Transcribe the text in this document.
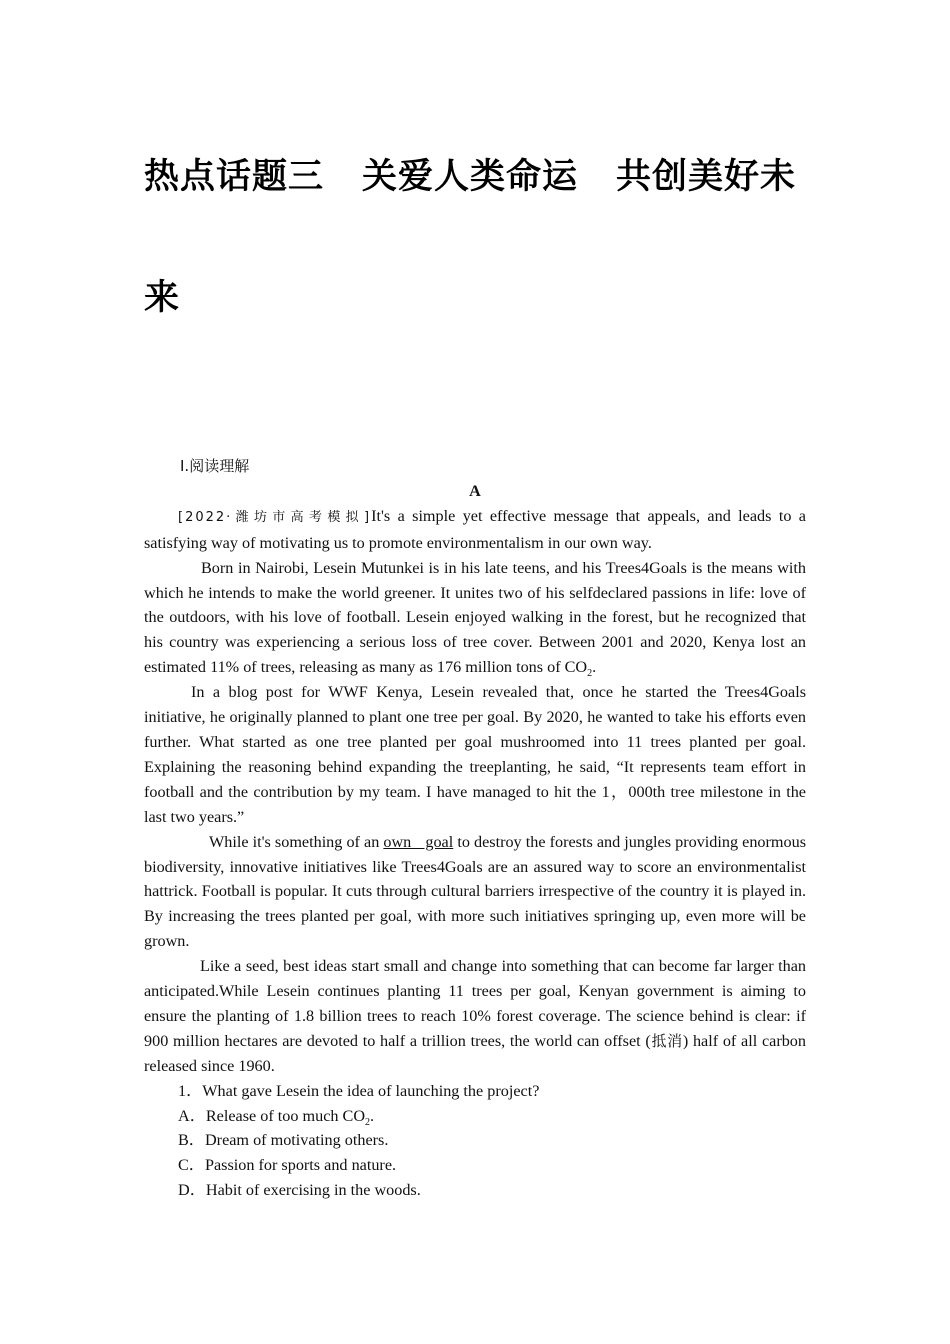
热点话题三 关爱人类命运 共创美好未
来
Ⅰ.阅读理解
A

[2022·潍坊市高考模拟]It's a simple yet effective message that appeals, and leads to a satisfying way of motivating us to promote environmentalism in our own way.

Born in Nairobi, Lesein Mutunkei is in his late teens, and his Trees4Goals is the means with which he intends to make the world greener. It unites two of his selfdeclared passions in life: love of the outdoors, with his love of football. Lesein enjoyed walking in the forest, but he recognized that his country was experiencing a serious loss of tree cover. Between 2001 and 2020, Kenya lost an estimated 11% of trees, releasing as many as 176 million tons of $CO_2$.

In a blog post for WWF Kenya, Lesein revealed that, once he started the Trees4Goals initiative, he originally planned to plant one tree per goal. By 2020, he wanted to take his efforts even further. What started as one tree planted per goal mushroomed into 11 trees planted per goal. Explaining the reasoning behind expanding the treeplanting, he said, “It represents team effort in football and the contribution by my team. I have managed to hit the 1，000th tree milestone in the last two years.”

While it's something of an own goal to destroy the forests and jungles providing enormous biodiversity, innovative initiatives like Trees4Goals are an assured way to score an environmentalist hattrick. Football is popular. It cuts through cultural barriers irrespective of the country it is played in. By increasing the trees planted per goal, with more such initiatives springing up, even more will be grown.

Like a seed, best ideas start small and change into something that can become far larger than anticipated.While Lesein continues planting 11 trees per goal, Kenyan government is aiming to ensure the planting of 1.8 billion trees to reach 10% forest coverage. The science behind is clear: if 900 million hectares are devoted to half a trillion trees, the world can offset (抵消) half of all carbon released since 1960.

1．What gave Lesein the idea of launching the project?

A．Release of too much $CO_2$.

B．Dream of motivating others.

C．Passion for sports and nature.

D．Habit of exercising in the woods.
